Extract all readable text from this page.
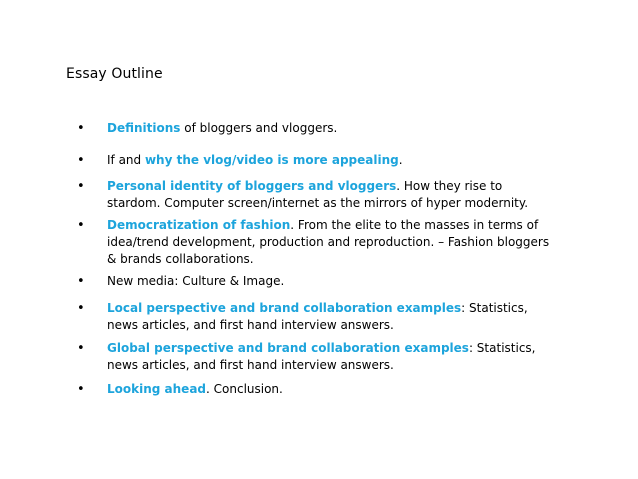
Essay Outline
• Definitions of bloggers and vloggers.
• If and why the vlog/video is more appealing.
• Personal identity of bloggers and vloggers. How they rise to stardom. Computer screen/internet as the mirrors of hyper modernity.
• Democratization of fashion. From the elite to the masses in terms of idea/trend development, production and reproduction. – Fashion bloggers & brands collaborations.
• New media: Culture & Image.
• Local perspective and brand collaboration examples: Statistics, news articles, and first hand interview answers.
• Global perspective and brand collaboration examples: Statistics, news articles, and first hand interview answers.
• Looking ahead. Conclusion.
